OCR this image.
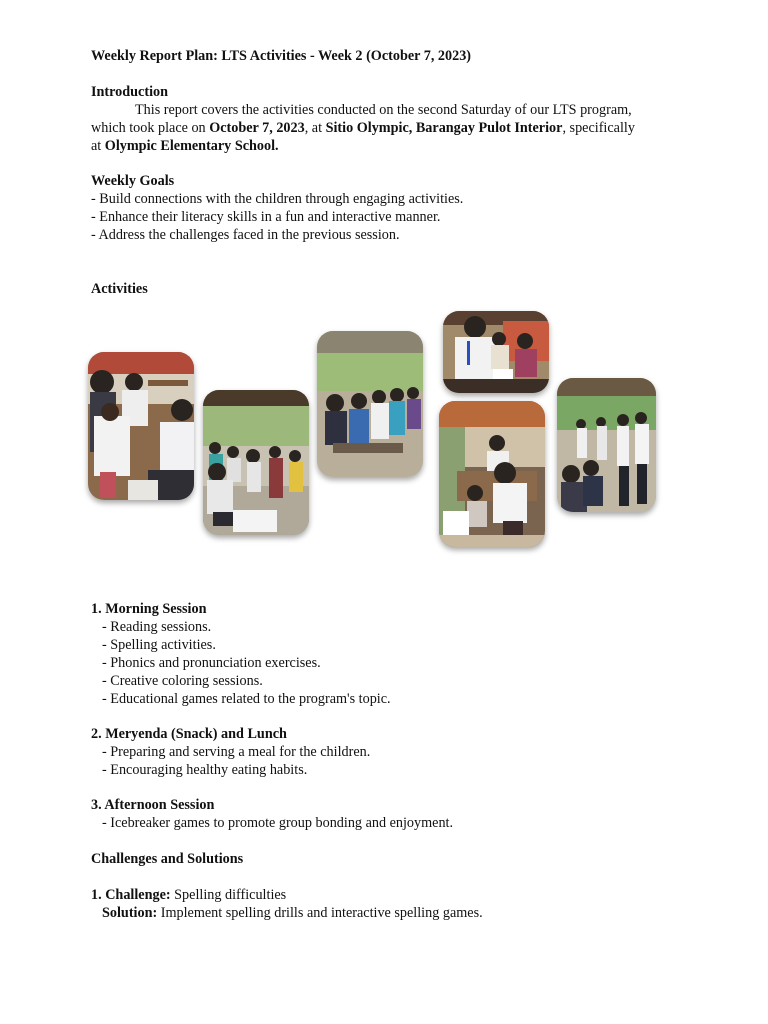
Weekly Report Plan: LTS Activities - Week 2 (October 7, 2023)
Introduction
This report covers the activities conducted on the second Saturday of our LTS program,
which took place on October 7, 2023, at Sitio Olympic, Barangay Pulot Interior, specifically
at Olympic Elementary School.
Weekly Goals
- Build connections with the children through engaging activities.
- Enhance their literacy skills in a fun and interactive manner.
- Address the challenges faced in the previous session.
Activities
1. Morning Session
- Reading sessions.
- Spelling activities.
- Phonics and pronunciation exercises.
- Creative coloring sessions.
- Educational games related to the program's topic.
2. Meryenda (Snack) and Lunch
- Preparing and serving a meal for the children.
- Encouraging healthy eating habits.
3. Afternoon Session
- Icebreaker games to promote group bonding and enjoyment.
Challenges and Solutions
1. Challenge: Spelling difficulties
Solution: Implement spelling drills and interactive spelling games.
